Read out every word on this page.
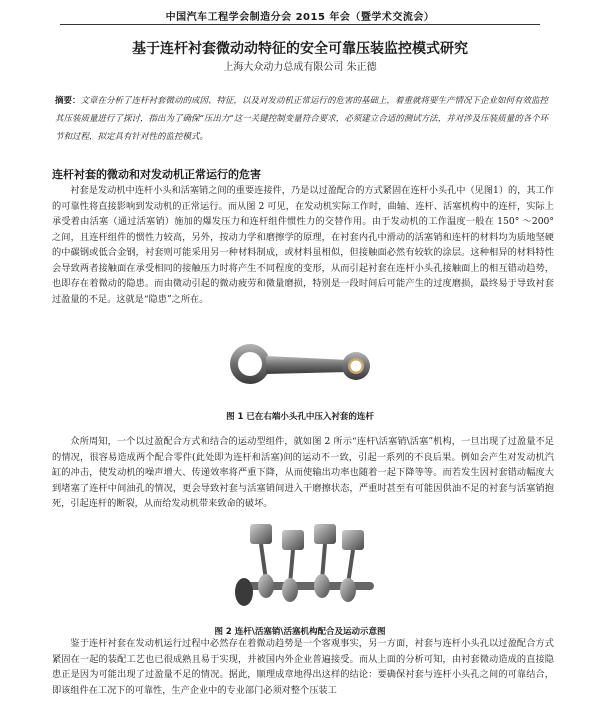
中国汽车工程学会制造分会 2015 年会（暨学术交流会）
基于连杆衬套微动动特征的安全可靠压装监控模式研究
上海大众动力总成有限公司 朱正德
摘要：文章在分析了连杆衬套微动的成因、特征，以及对发动机正常运行的危害的基础上，着重就将要生产情况下企业如何有效监控其压装质量进行了探讨，指出为了确保“压出力”这一关键控制变量符合要求，必须建立合适的测试方法，并对涉及压装质量的各个环节和过程，拟定具有针对性的监控模式。
连杆衬套的微动和对发动机正常运行的危害
衬套是发动机中连杆小头和活塞销之间的重要连接件，乃是以过盈配合的方式紧固在连杆小头孔中（见图1）的，其工作的可靠性将直接影响到发动机的正常运行。而从图 2 可见，在发动机实际工作时，曲轴、连杆、活塞机构中的连杆，实际上承受着由活塞（通过活塞销）施加的爆发压力和连杆组件惯性力的交替作用。由于发动机的工作温度一般在 150° ～200° 之间，且连杆组件的惯性力较高，另外，按动力学和磨擦学的原理，在衬套内孔中滑动的活塞销和连杆的材料均为质地坚硬的中碳钢或低合金钢，衬套则可能采用另一种材料制成，或材料虽相似，但接触面必然有较软的涂层。这种相异的材料特性会导致两者接触面在承受相同的接触压力时将产生不同程度的变形，从而引起衬套在连杆小头孔接触面上的相互错动趋势，也即存在着微动的隐患。而由微动引起的微动疲劳和微量磨损，特别是一段时间后可能产生的过度磨损，最终易于导致衬套过盈量的不足。这就是“隐患”之所在。
图 1 已在右端小头孔中压入衬套的连杆
众所周知，一个以过盈配合方式和结合的运动型组件，就如图 2 所示“连杆\活塞销\活塞”机构，一旦出现了过盈量不足的情况，很容易造成两个配合零件(此处即为连杆和活塞)间的运动不一致，引起一系列的不良后果。例如会产生对发动机汽缸的冲击，使发动机的噪声增大、传递效率将严重下降，从而使输出功率也随着一起下降等等。而若发生因衬套错动幅度大到堵塞了连杆中间油孔的情况，更会导致衬套与活塞销间进入干磨擦状态，严重时甚至有可能因供油不足的衬套与活塞销抱死，引起连杆的断裂，从而给发动机带来致命的破坏。
图 2 连杆\活塞销\活塞机构配合及运动示意图
鉴于连杆衬套在发动机运行过程中必然存在着微动趋势是一个客观事实，另一方面，衬套与连杆小头孔以过盈配合方式紧固在一起的装配工艺也已很成熟且易于实现，并被国内外企业普遍接受。而从上面的分析可知，由衬套微动造成的直接隐患正是因为可能出现了过盈量不足的情况。据此，顺理成章地得出这样的结论：要确保衬套与连杆小头孔之间的可靠结合，即该组件在工况下的可靠性，生产企业中的专业部门必须对整个压装工
